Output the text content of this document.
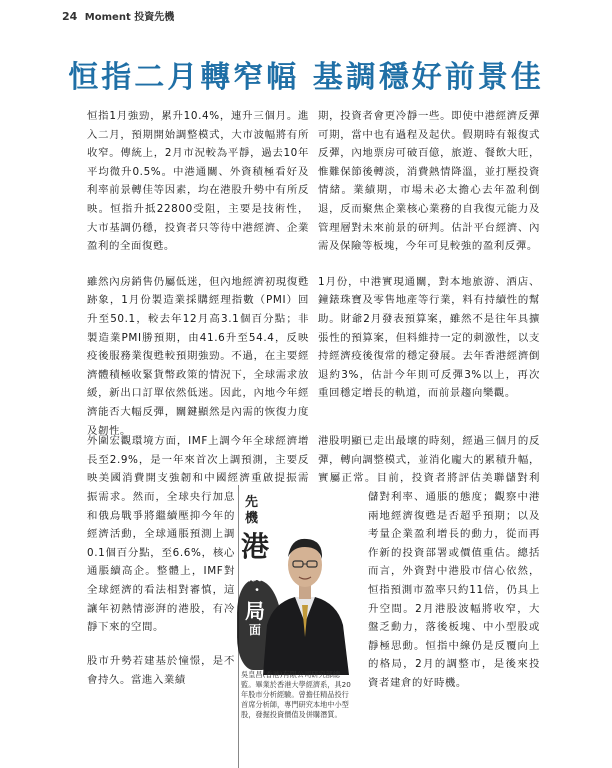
24 Moment 投資先機
恒指二月轉窄幅 基調穩好前景佳

恒指1月強勁，累升10.4%，連升三個月。進入二月，預期開始調整模式，大市波幅將有所收窄。傳統上，2月市況較為平靜，過去10年平均微升0.5%。中港通關、外資積極看好及利率前景轉佳等因素，均在港股升勢中有所反映。恒指升抵22800受阻，主要是技術性，大市基調仍穩，投資者只等待中港經濟、企業盈利的全面復甦。

雖然內房銷售仍屬低迷，但內地經濟初現復甦跡象，1月份製造業採購經理指數（PMI）回升至50.1，較去年12月高3.1個百分點；非製造業PMI勝預期，由41.6升至54.4，反映疫後服務業復甦較預期強勁。不過，在主要經濟體積極收緊貨幣政策的情況下，全球需求放緩，新出口訂單依然低迷。因此，內地今年經濟能否大幅反彈，關鍵顯然是內需的恢復力度及韌性。

外圍宏觀環境方面，IMF上調今年全球經濟增長至2.9%，是一年來首次上調預測，主要反映美國消費開支強韌和中國經濟重啟提振需

振需求。然而，全球央行加息和俄烏戰爭將繼續壓抑今年的經濟活動，全球通脹預測上調0.1個百分點，至6.6%，核心通脹續高企。整體上，IMF對全球經濟的看法相對審慎，這讓年初熱情澎湃的港股，有冷靜下來的空間。

股市升勢若建基於憧憬，是不會持久。當進入業績

期，投資者會更冷靜一些。即使中港經濟反彈可期，當中也有過程及起伏。假期時有報復式反彈，內地票房可破百億，旅遊、餐飲大旺，惟難保節後轉淡，消費熱情降溫，並打壓投資情緒。業績期，市場未必太擔心去年盈利倒退，反而聚焦企業核心業務的自我復元能力及管理層對未來前景的研判。估計平台經濟、內需及保險等板塊，今年可見較強的盈利反彈。

1月份，中港實現通關，對本地旅游、酒店、鐘錶珠寶及零售地產等行業，料有持續性的幫助。財爺2月發表預算案，雖然不是往年具擴張性的預算案，但料維持一定的刺激性，以支持經濟疫後復常的穩定發展。去年香港經濟倒退約3%，估計今年則可反彈3%以上，再次重回穩定增長的軌道，而前景趨向樂觀。

港股明顯已走出最壞的時刻，經過三個月的反彈，轉向調整模式，並消化龐大的累積升幅，實屬正常。目前，投資者將評估美聯儲對利

儲對利率、通脹的態度；觀察中港兩地經濟復甦是否超乎預期；以及考量企業盈利增長的動力，從而再作新的投資部署或價值重估。總括而言，外資對中港股市信心依然，恒指預測市盈率只約11倍，仍具上升空間。2月港股波幅將收窄，大盤乏動力，落後板塊、中小型股或靜極思動。恒指中線仍是反覆向上的格局，2月的調整市，是後來投資者建倉的好時機。

先
機
港
股
・
局
面

吳皇昌(香港)有限公司研究部總監。畢業於香港大學經濟系，具20年股市分析經驗。曾擔任精品投行首席分析師，專門研究本地中小型股，發掘投資價值及併購潛質。
